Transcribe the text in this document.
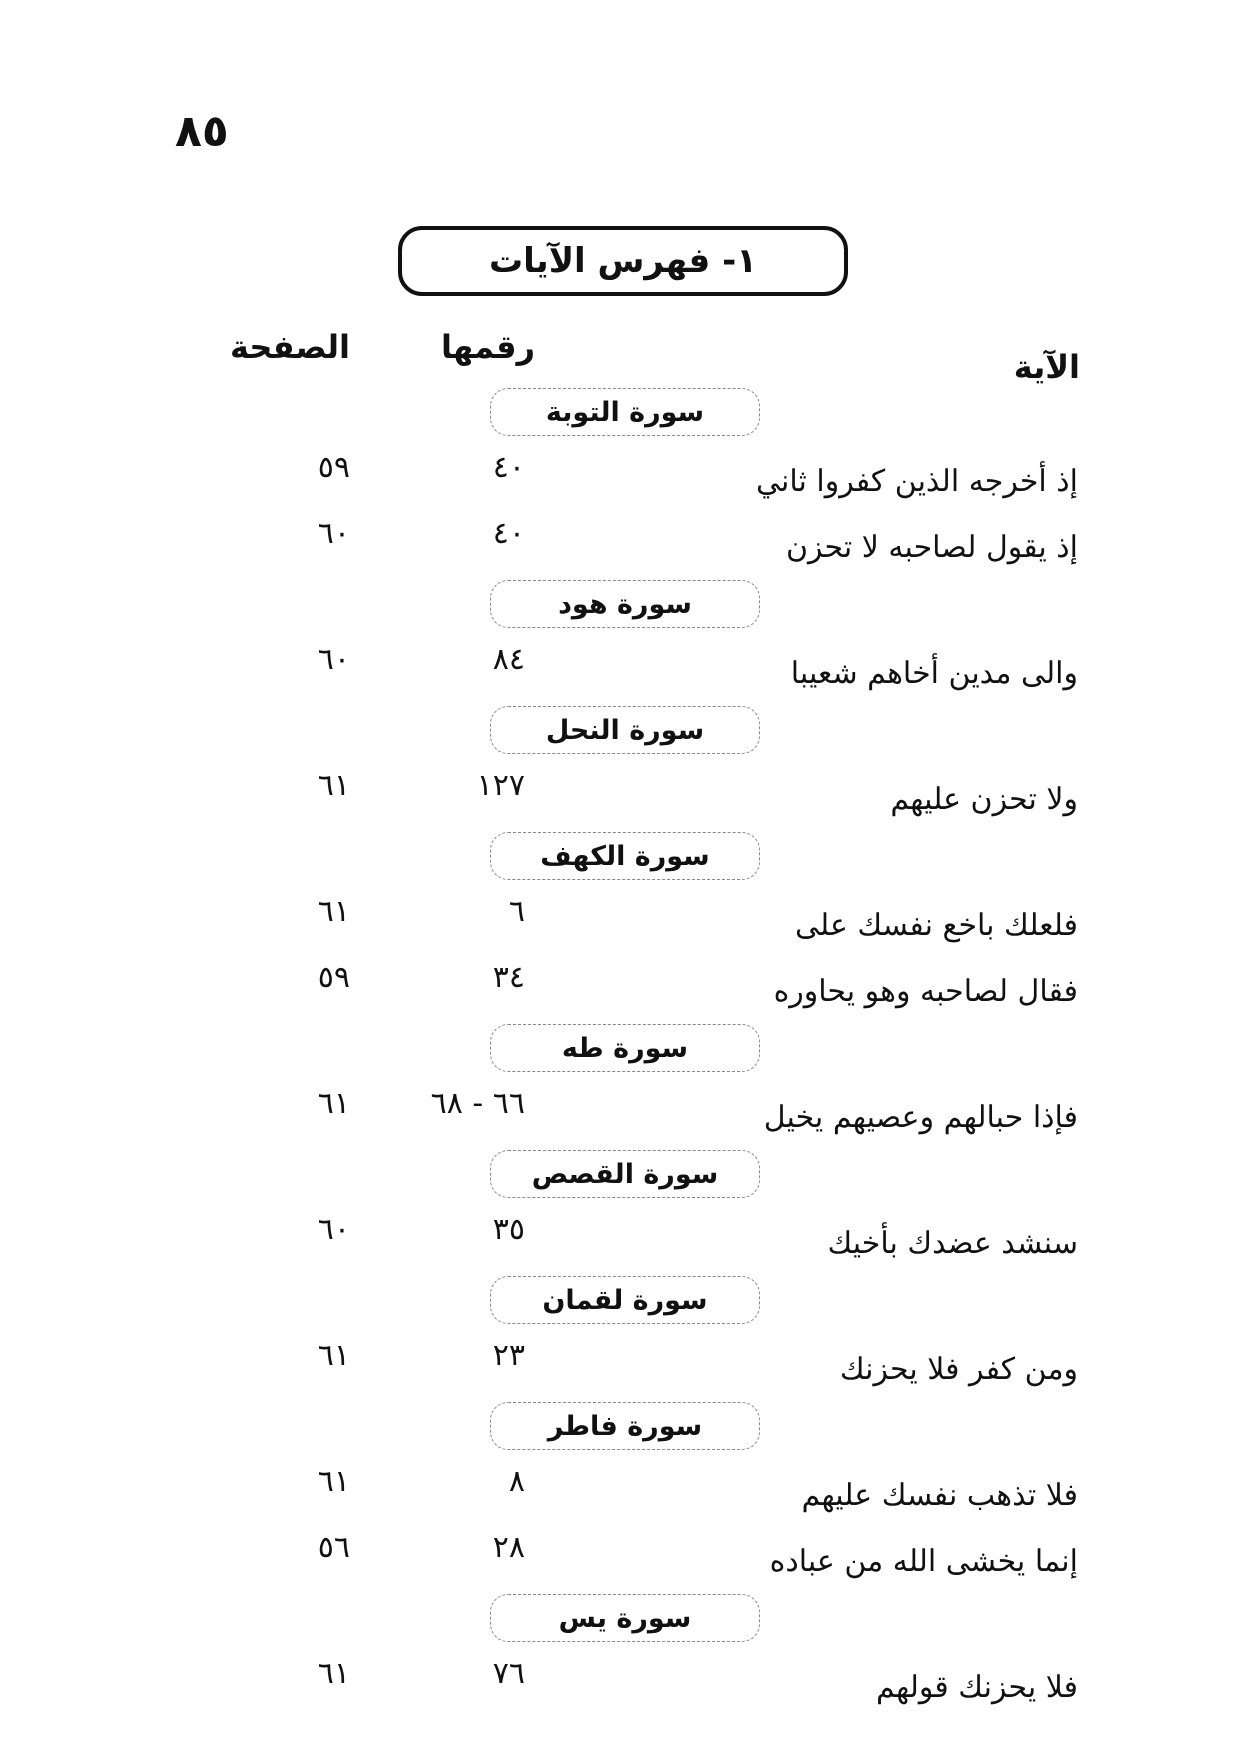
٨٥
١- فهرس الآيات
الآية
رقمها
الصفحة
سورة التوبة
إذ أخرجه الذين كفروا ثاني
٤٠
٥٩
إذ يقول لصاحبه لا تحزن
٤٠
٦٠
سورة هود
والى مدين أخاهم شعيبا
٨٤
٦٠
سورة النحل
ولا تحزن عليهم
١٢٧
٦١
سورة الكهف
فلعلك باخع نفسك على
٦
٦١
فقال لصاحبه وهو يحاوره
٣٤
٥٩
سورة طه
فإذا حبالهم وعصيهم يخيل
٦٦ - ٦٨
٦١
سورة القصص
سنشد عضدك بأخيك
٣٥
٦٠
سورة لقمان
ومن كفر فلا يحزنك
٢٣
٦١
سورة فاطر
فلا تذهب نفسك عليهم
٨
٦١
إنما يخشى الله من عباده
٢٨
٥٦
سورة يس
فلا يحزنك قولهم
٧٦
٦١
